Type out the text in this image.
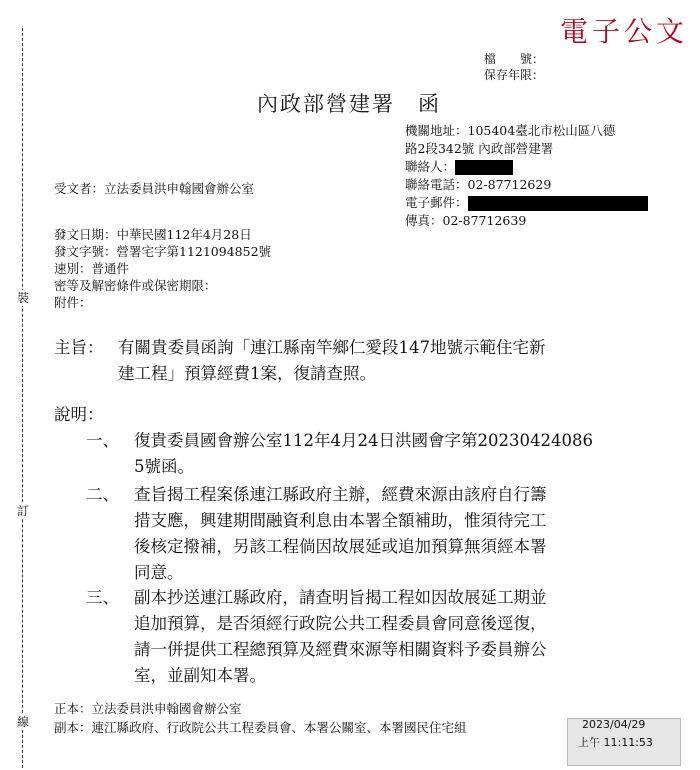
裝
訂
線
電子公文
檔　　號：
保存年限：
內政部營建署　函
機關地址：105404臺北市松山區八德
路2段342號 內政部營建署
聯絡人：
聯絡電話：02-87712629
電子郵件：
傳真：02-87712639
受文者：立法委員洪申翰國會辦公室
發文日期：中華民國112年4月28日
發文字號：營署宅字第1121094852號
速別：普通件
密等及解密條件或保密期限：
附件：
主旨： 有關貴委員函詢「連江縣南竿鄉仁愛段147地號示範住宅新
建工程」預算經費1案，復請查照。
說明：
一、 復貴委員國會辦公室112年4月24日洪國會字第20230424086
5號函。
二、 查旨揭工程案係連江縣政府主辦，經費來源由該府自行籌
措支應，興建期間融資利息由本署全額補助，惟須待完工
後核定撥補，另該工程倘因故展延或追加預算無須經本署
同意。
三、 副本抄送連江縣政府，請查明旨揭工程如因故展延工期並
追加預算，是否須經行政院公共工程委員會同意後逕復，
請一併提供工程總預算及經費來源等相關資料予委員辦公
室，並副知本署。
正本：立法委員洪申翰國會辦公室
副本：連江縣政府、行政院公共工程委員會、本署公關室、本署國民住宅組	2023/04/29
上午 11:11:53
